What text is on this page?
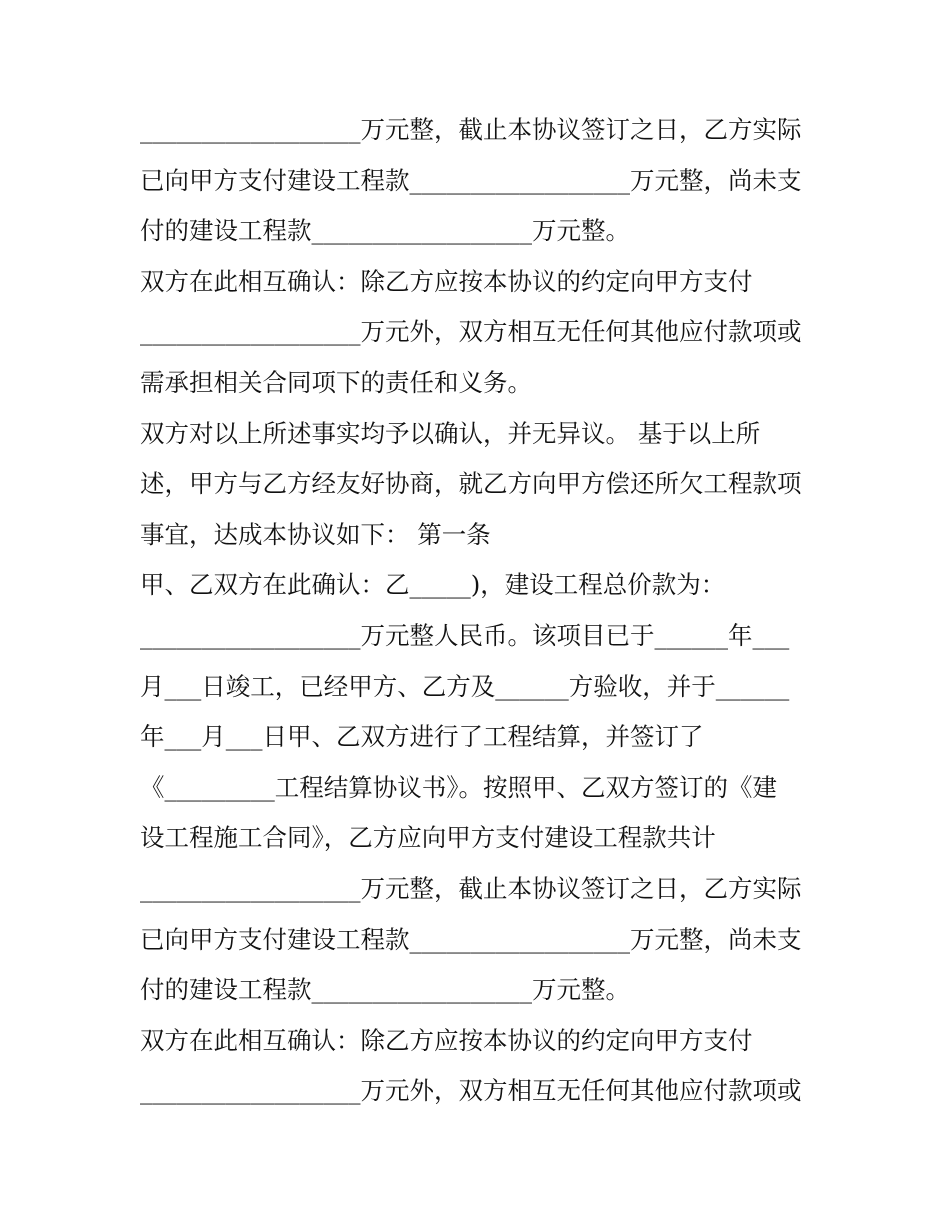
__________________万元整，截止本协议签订之日，乙方实际
已向甲方支付建设工程款__________________万元整，尚未支
付的建设工程款__________________万元整。
双方在此相互确认：除乙方应按本协议的约定向甲方支付
__________________万元外，双方相互无任何其他应付款项或
需承担相关合同项下的责任和义务。
双方对以上所述事实均予以确认，并无异议。 基于以上所
述，甲方与乙方经友好协商，就乙方向甲方偿还所欠工程款项
事宜，达成本协议如下： 第一条
甲、乙双方在此确认：乙_____)，建设工程总价款为：
__________________万元整人民币。该项目已于______年___
月___日竣工，已经甲方、乙方及______方验收，并于______
年___月___日甲、乙双方进行了工程结算，并签订了
《_________工程结算协议书》。按照甲、乙双方签订的《建
设工程施工合同》，乙方应向甲方支付建设工程款共计
__________________万元整，截止本协议签订之日，乙方实际
已向甲方支付建设工程款__________________万元整，尚未支
付的建设工程款__________________万元整。
双方在此相互确认：除乙方应按本协议的约定向甲方支付
__________________万元外，双方相互无任何其他应付款项或
